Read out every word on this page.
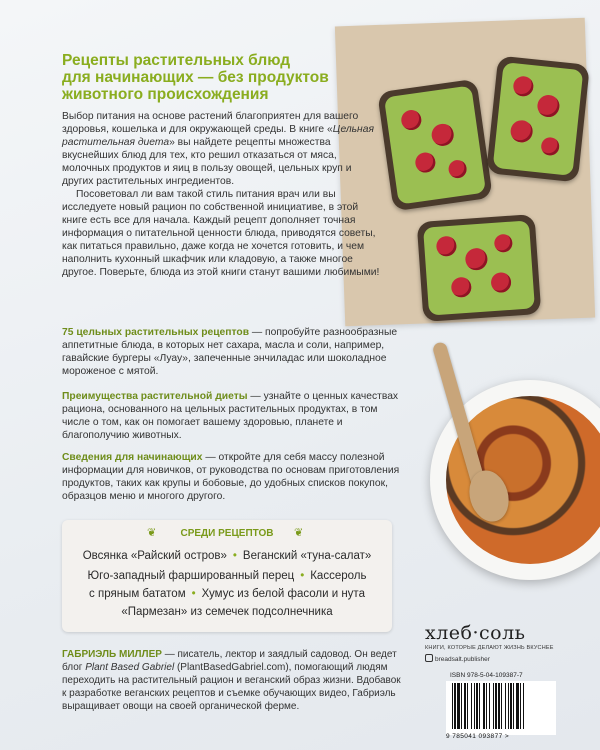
Рецепты растительных блюд
для начинающих — без продуктов
животного происхождения

Выбор питания на основе растений благоприятен для вашего здоровья, кошелька и для окружающей среды. В книге «Цельная растительная диета» вы найдете рецепты множества вкуснейших блюд для тех, кто решил отказаться от мяса, молочных продуктов и яиц в пользу овощей, цельных круп и других растительных ингредиентов.

Посоветовал ли вам такой стиль питания врач или вы исследуете новый рацион по собственной инициативе, в этой книге есть все для начала. Каждый рецепт дополняет точная информация о питательной ценности блюда, приводятся советы, как питаться правильно, даже когда не хочется готовить, и чем наполнить кухонный шкафчик или кладовую, а также многое другое. Поверьте, блюда из этой книги станут вашими любимыми!

75 цельных растительных рецептов — попробуйте разнообразные аппетитные блюда, в которых нет сахара, масла и соли, например, гавайские бургеры «Луау», запеченные энчиладас или шоколадное мороженое с мятой.
Преимущества растительной диеты — узнайте о ценных качествах рациона, основанного на цельных растительных продуктах, в том числе о том, как он помогает вашему здоровью, планете и благополучию животных.
Сведения для начинающих — откройте для себя массу полезной информации для новичков, от руководства по основам приготовления продуктов, таких как крупы и бобовые, до удобных списков покупок, образцов меню и многого другого.
❦	СРЕДИ РЕЦЕПТОВ	❦
Овсянка «Райский остров» • Веганский «туна-салат»
Юго-западный фаршированный перец • Кассероль
с пряным бататом • Хумус из белой фасоли и нута
«Пармезан» из семечек подсолнечника
ГАБРИЭЛЬ МИЛЛЕР — писатель, лектор и заядлый садовод. Он ведет блог Plant Based Gabriel (PlantBasedGabriel.com), помогающий людям переходить на растительный рацион и веганский образ жизни. Вдобавок к разработке веганских рецептов и съемке обучающих видео, Габриэль выращивает овощи на своей органической ферме.
хлеб·соль
КНИГИ, КОТОРЫЕ ДЕЛАЮТ ЖИЗНЬ ВКУСНЕЕ
breadsalt.publisher
ISBN 978-5-04-109387-7
9 785041 093877 >
